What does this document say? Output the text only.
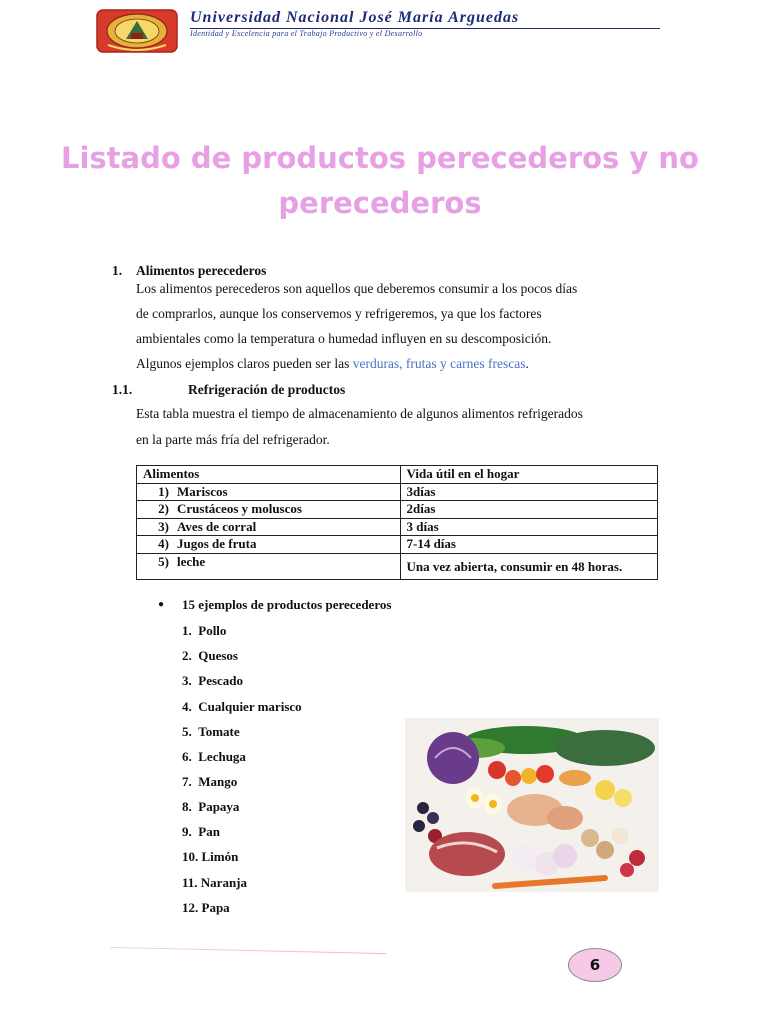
Universidad Nacional José María Arguedas
Identidad y Excelencia para el Trabajo Productivo y el Desarrollo
Listado de productos perecederos y no perecederos
1. Alimentos perecederos
Los alimentos perecederos son aquellos que deberemos consumir a los pocos días
de comprarlos, aunque los conservemos y refrigeremos, ya que los factores
ambientales como la temperatura o humedad influyen en su descomposición.
Algunos ejemplos claros pueden ser las verduras, frutas y carnes frescas.
1.1.	Refrigeración de productos
Esta tabla muestra el tiempo de almacenamiento de algunos alimentos refrigerados
en la parte más fría del refrigerador.
Alimentos	Vida útil en el hogar
1) Mariscos	3días
2) Crustáceos y moluscos	2días
3) Aves de corral	3 días
4) Jugos de fruta	7-14 días
5) leche	Una vez abierta, consumir en 48 horas.
● 15 ejemplos de productos perecederos
1. Pollo
2. Quesos
3. Pescado
4. Cualquier marisco
5. Tomate
6. Lechuga
7. Mango
8. Papaya
9. Pan
10. Limón
11. Naranja
12. Papa
6
